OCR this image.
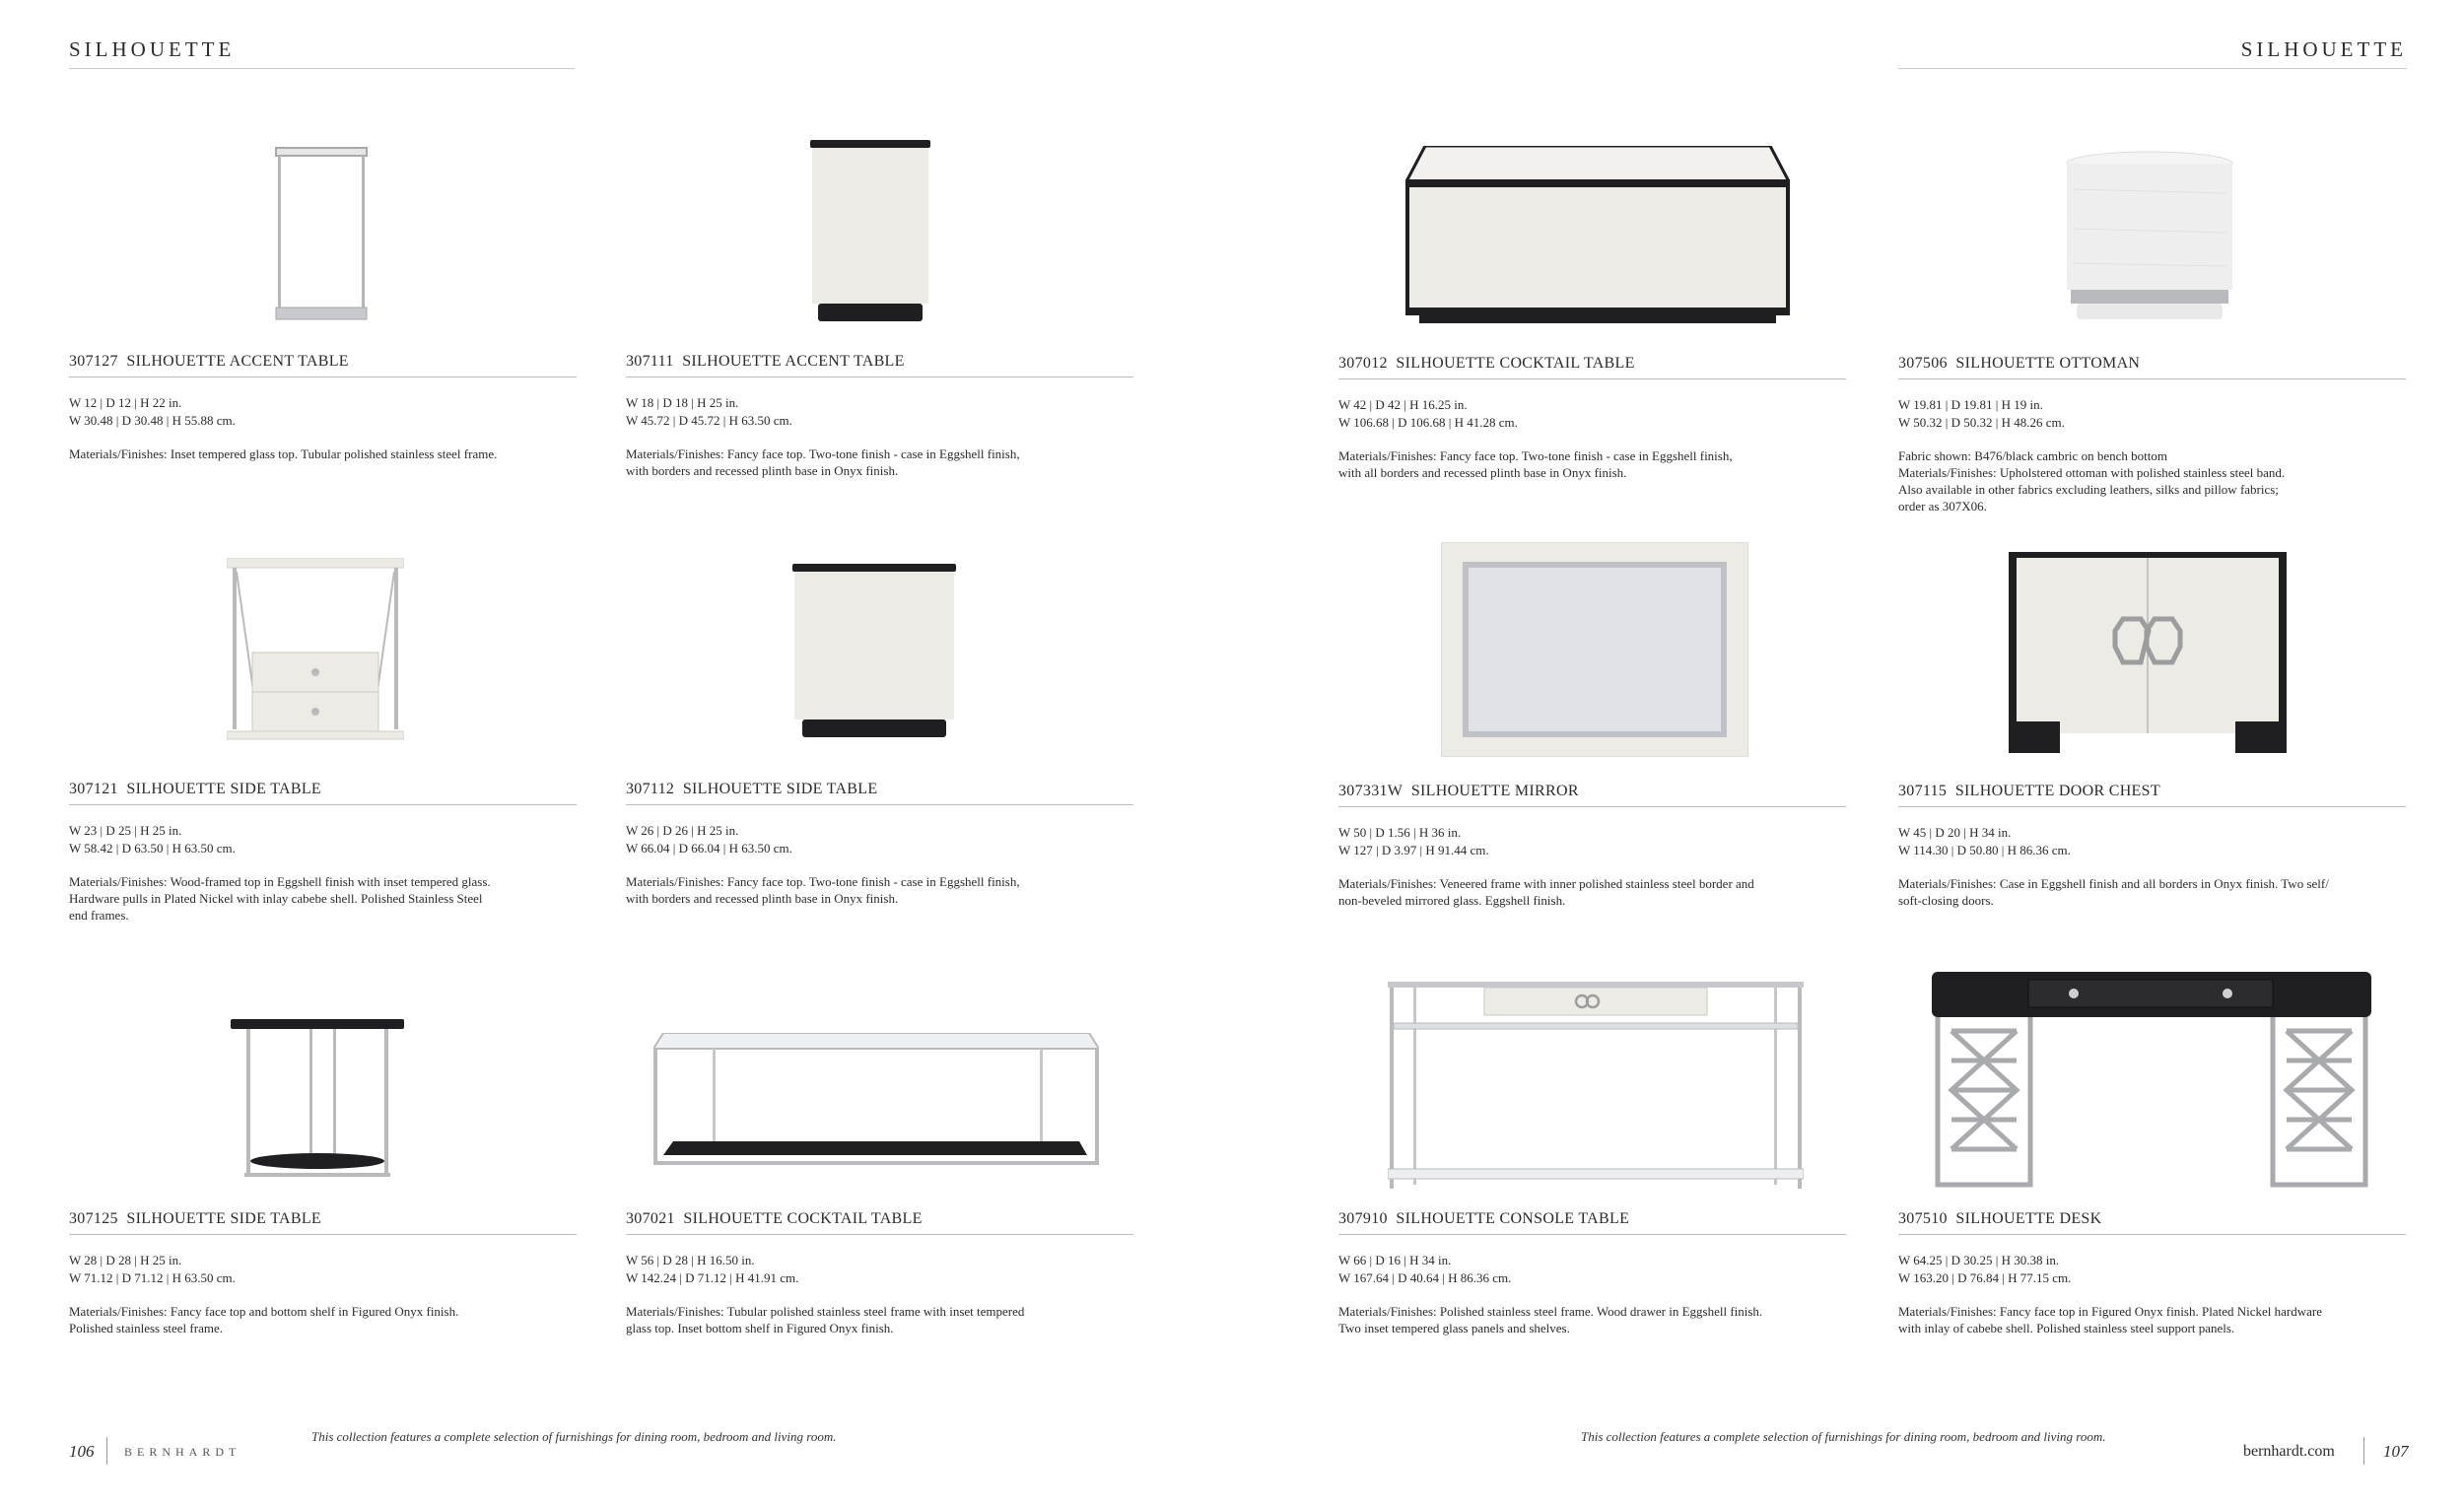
SILHOUETTE	SILHOUETTE
307127 SILHOUETTE ACCENT TABLE
W 12 | D 12 | H 22 in.
W 30.48 | D 30.48 | H 55.88 cm.
Materials/Finishes: Inset tempered glass top. Tubular polished stainless steel frame.
307111 SILHOUETTE ACCENT TABLE
W 18 | D 18 | H 25 in.
W 45.72 | D 45.72 | H 63.50 cm.
Materials/Finishes: Fancy face top. Two-tone finish - case in Eggshell finish,
with borders and recessed plinth base in Onyx finish.
307012 SILHOUETTE COCKTAIL TABLE
W 42 | D 42 | H 16.25 in.
W 106.68 | D 106.68 | H 41.28 cm.
Materials/Finishes: Fancy face top. Two-tone finish - case in Eggshell finish,
with all borders and recessed plinth base in Onyx finish.
307506 SILHOUETTE OTTOMAN
W 19.81 | D 19.81 | H 19 in.
W 50.32 | D 50.32 | H 48.26 cm.
Fabric shown: B476/black cambric on bench bottom
Materials/Finishes: Upholstered ottoman with polished stainless steel band.
Also available in other fabrics excluding leathers, silks and pillow fabrics;
order as 307X06.
307121 SILHOUETTE SIDE TABLE
W 23 | D 25 | H 25 in.
W 58.42 | D 63.50 | H 63.50 cm.
Materials/Finishes: Wood-framed top in Eggshell finish with inset tempered glass.
Hardware pulls in Plated Nickel with inlay cabebe shell. Polished Stainless Steel
end frames.
307112 SILHOUETTE SIDE TABLE
W 26 | D 26 | H 25 in.
W 66.04 | D 66.04 | H 63.50 cm.
Materials/Finishes: Fancy face top. Two-tone finish - case in Eggshell finish,
with borders and recessed plinth base in Onyx finish.
307331W SILHOUETTE MIRROR
W 50 | D 1.56 | H 36 in.
W 127 | D 3.97 | H 91.44 cm.
Materials/Finishes: Veneered frame with inner polished stainless steel border and
non-beveled mirrored glass. Eggshell finish.
307115 SILHOUETTE DOOR CHEST
W 45 | D 20 | H 34 in.
W 114.30 | D 50.80 | H 86.36 cm.
Materials/Finishes: Case in Eggshell finish and all borders in Onyx finish. Two self/
soft-closing doors.
307125 SILHOUETTE SIDE TABLE
W 28 | D 28 | H 25 in.
W 71.12 | D 71.12 | H 63.50 cm.
Materials/Finishes: Fancy face top and bottom shelf in Figured Onyx finish.
Polished stainless steel frame.
307021 SILHOUETTE COCKTAIL TABLE
W 56 | D 28 | H 16.50 in.
W 142.24 | D 71.12 | H 41.91 cm.
Materials/Finishes: Tubular polished stainless steel frame with inset tempered
glass top. Inset bottom shelf in Figured Onyx finish.
307910 SILHOUETTE CONSOLE TABLE
W 66 | D 16 | H 34 in.
W 167.64 | D 40.64 | H 86.36 cm.
Materials/Finishes: Polished stainless steel frame. Wood drawer in Eggshell finish.
Two inset tempered glass panels and shelves.
307510 SILHOUETTE DESK
W 64.25 | D 30.25 | H 30.38 in.
W 163.20 | D 76.84 | H 77.15 cm.
Materials/Finishes: Fancy face top in Figured Onyx finish. Plated Nickel hardware
with inlay of cabebe shell. Polished stainless steel support panels.
106	BERNHARDT
This collection features a complete selection of furnishings for dining room, bedroom and living room.	This collection features a complete selection of furnishings for dining room, bedroom and living room.
bernhardt.com	107
